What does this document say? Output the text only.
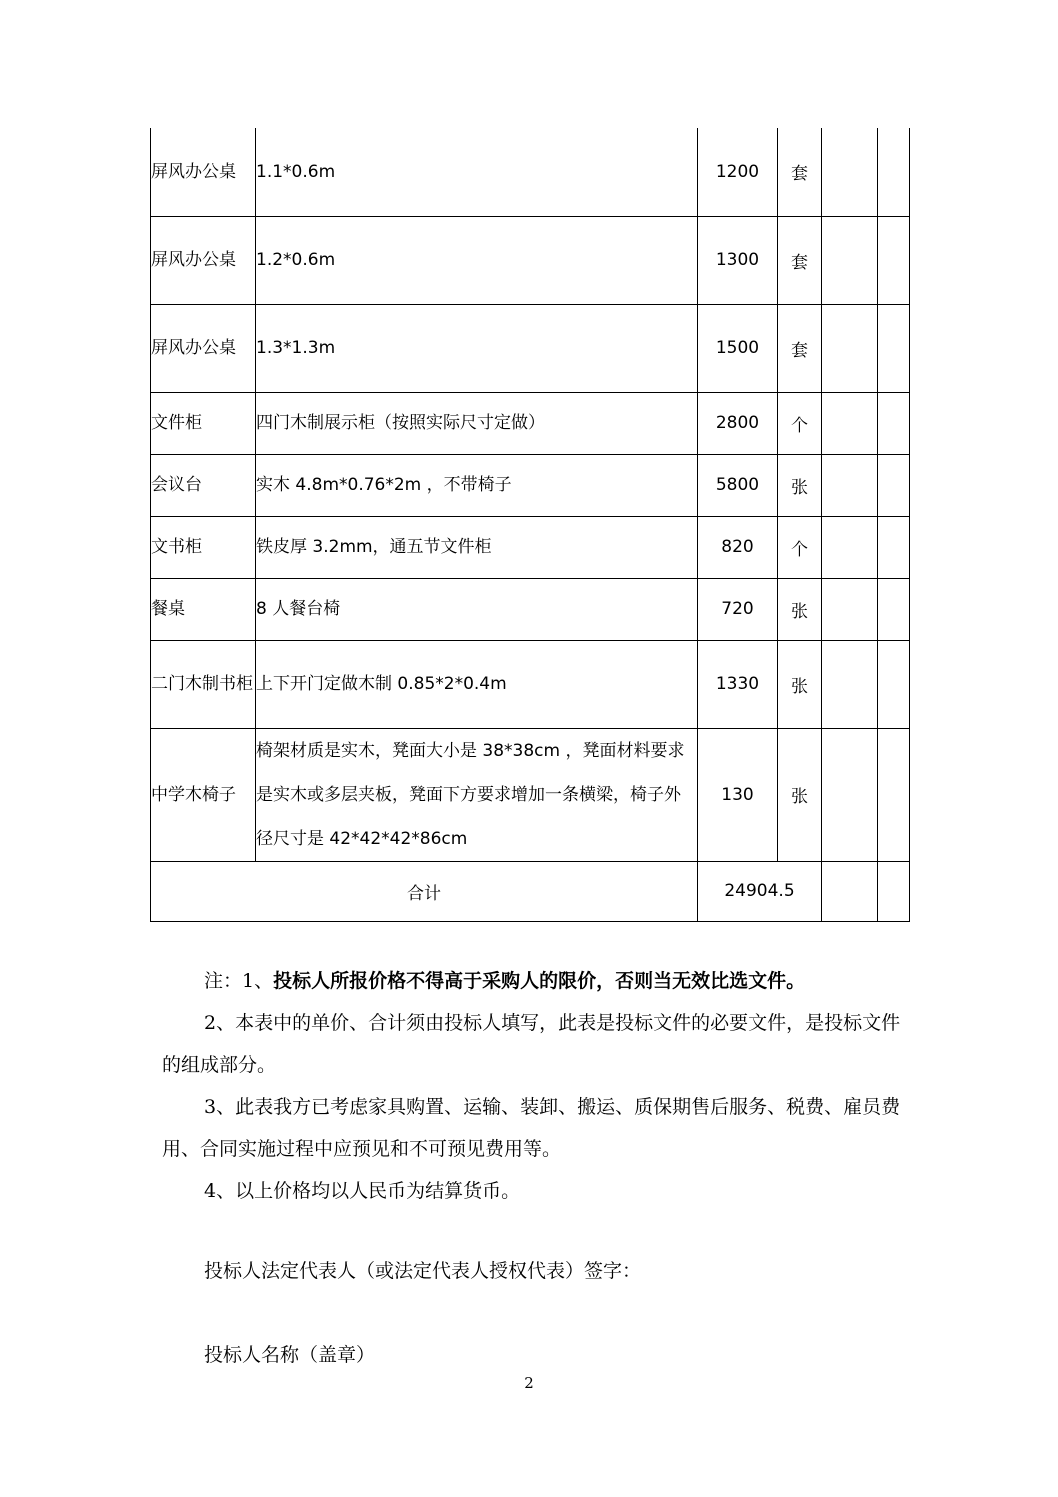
屏风办公桌	1.1*0.6m	1200	套		
屏风办公桌	1.2*0.6m	1300	套		
屏风办公桌	1.3*1.3m	1500	套		
文件柜	四门木制展示柜（按照实际尺寸定做）	2800	个		
会议台	实木 4.8m*0.76*2m ，不带椅子	5800	张		
文书柜	铁皮厚 3.2mm，通五节文件柜	820	个		
餐桌	8 人餐台椅	720	张		
二门木制书柜	上下开门定做木制 0.85*2*0.4m	1330	张		
中学木椅子	椅架材质是实木，凳面大小是 38*38cm ，凳面材料要求是实木或多层夹板，凳面下方要求增加一条横梁，椅子外径尺寸是 42*42*42*86cm	130	张		
合计		24904.5			

注：1、投标人所报价格不得高于采购人的限价，否则当无效比选文件。

2、本表中的单价、合计须由投标人填写，此表是投标文件的必要文件，是投标文件的组成部分。

3、此表我方已考虑家具购置、运输、装卸、搬运、质保期售后服务、税费、雇员费用、合同实施过程中应预见和不可预见费用等。

4、以上价格均以人民币为结算货币。

投标人法定代表人（或法定代表人授权代表）签字：
投标人名称（盖章）
2
